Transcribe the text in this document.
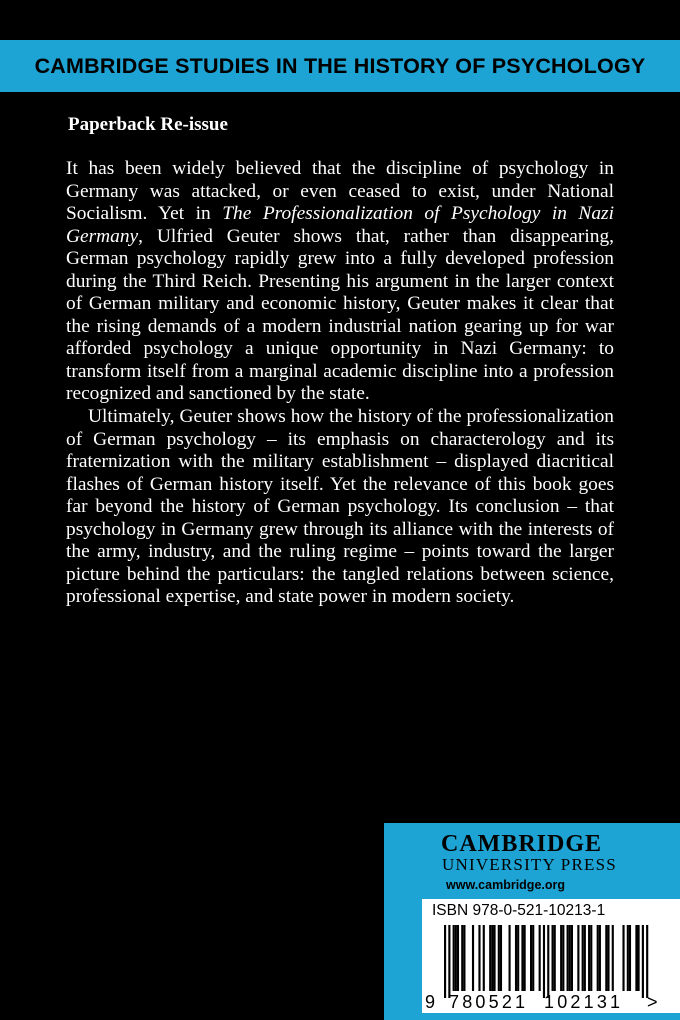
CAMBRIDGE STUDIES IN THE HISTORY OF PSYCHOLOGY
Paperback Re-issue

It has been widely believed that the discipline of psychology in Germany was attacked, or even ceased to exist, under National Socialism. Yet in The Professionalization of Psychology in Nazi Germany, Ulfried Geuter shows that, rather than disappearing, German psychology rapidly grew into a fully developed profession during the Third Reich. Presenting his argument in the larger context of German military and economic history, Geuter makes it clear that the rising demands of a modern industrial nation gearing up for war afforded psychology a unique opportunity in Nazi Germany: to transform itself from a marginal academic discipline into a profession recognized and sanctioned by the state.

Ultimately, Geuter shows how the history of the professionalization of German psychology – its emphasis on characterology and its fraternization with the military establishment – displayed diacritical flashes of German history itself. Yet the relevance of this book goes far beyond the history of German psychology. Its conclusion – that psychology in Germany grew through its alliance with the interests of the army, industry, and the ruling regime – points toward the larger picture behind the particulars: the tangled relations between science, professional expertise, and state power in modern society.

CAMBRIDGE
UNIVERSITY PRESS
www.cambridge.org
ISBN 978-0-521-10213-1
9 780521 102131 >
